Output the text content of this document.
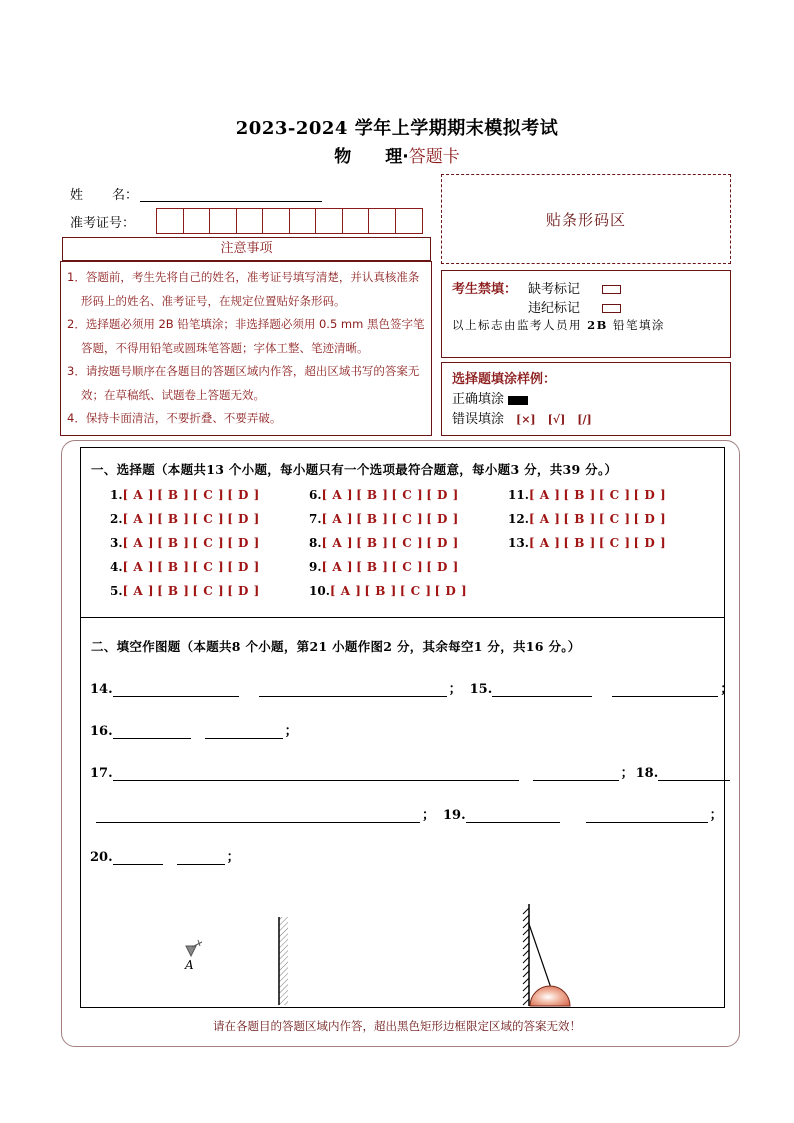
2023-2024 学年上学期期末模拟考试
物 理·答题卡
姓 名：
准考证号：
注意事项
1．答题前，考生先将自己的姓名，准考证号填写清楚，并认真核准条形码上的姓名、准考证号，在规定位置贴好条形码。
2．选择题必须用 2B 铅笔填涂；非选择题必须用 0.5 mm 黑色签字笔答题，不得用铅笔或圆珠笔答题；字体工整、笔迹清晰。
3．请按题号顺序在各题目的答题区域内作答，超出区域书写的答案无效；在草稿纸、试题卷上答题无效。
4．保持卡面清洁，不要折叠、不要弄破。
贴条形码区
考生禁填： 缺考标记
违纪标记
以上标志由监考人员用 2B 铅笔填涂
选择题填涂样例：
正确填涂
错误填涂 [×] [√] [/]
一、选择题（本题共13 个小题，每小题只有一个选项最符合题意，每小题3 分，共39 分。）
1.[ A ] [ B ] [ C ] [ D ]
2.[ A ] [ B ] [ C ] [ D ]
3.[ A ] [ B ] [ C ] [ D ]
4.[ A ] [ B ] [ C ] [ D ]
5.[ A ] [ B ] [ C ] [ D ]
6.[ A ] [ B ] [ C ] [ D ]
7.[ A ] [ B ] [ C ] [ D ]
8.[ A ] [ B ] [ C ] [ D ]
9.[ A ] [ B ] [ C ] [ D ]
10.[ A ] [ B ] [ C ] [ D ]
11.[ A ] [ B ] [ C ] [ D ]
12.[ A ] [ B ] [ C ] [ D ]
13.[ A ] [ B ] [ C ] [ D ]
二、填空作图题（本题共8 个小题，第21 小题作图2 分，其余每空1 分，共16 分。）
14.	； 15.	；
16.	；
17.	； 18.
； 19.	；
20.	；
A
请在各题目的答题区域内作答，超出黑色矩形边框限定区域的答案无效！
